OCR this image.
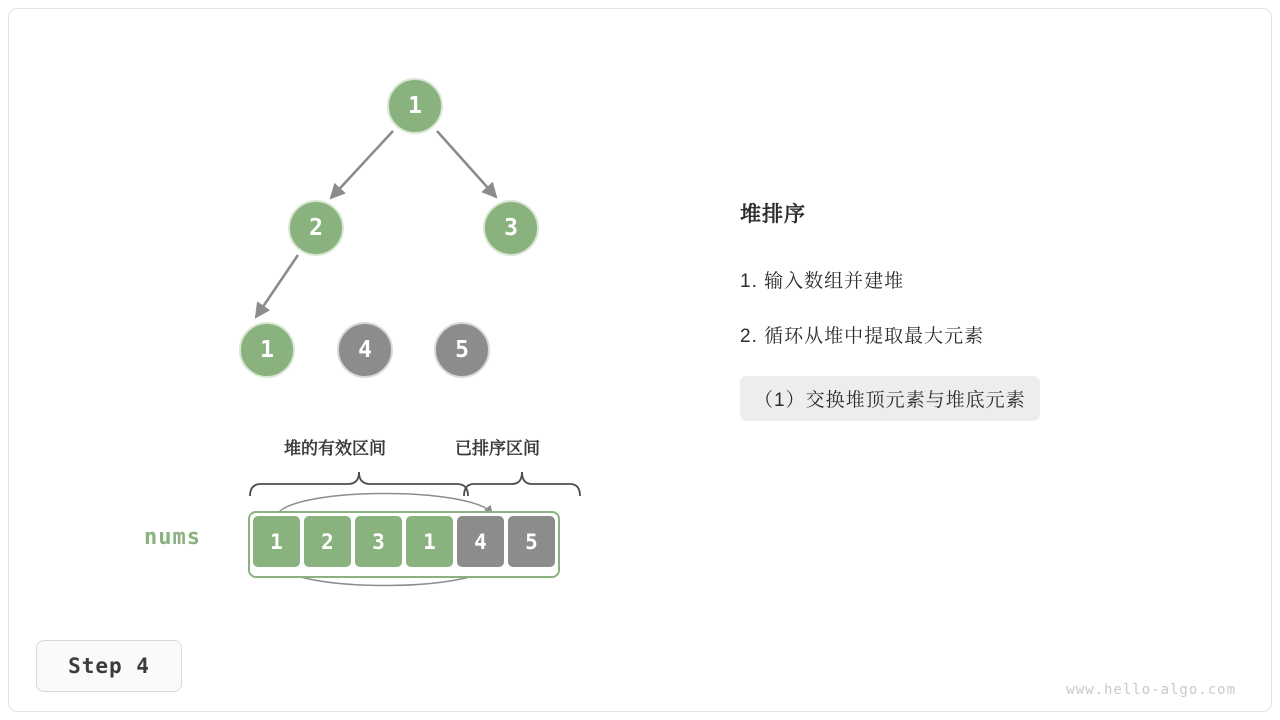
1
2	3
1	4	5
堆的有效区间	已排序区间
nums	1 2 3 1 4 5
堆排序
1. 输入数组并建堆
2. 循环从堆中提取最大元素
（1）交换堆顶元素与堆底元素
Step 4
www.hello-algo.com
